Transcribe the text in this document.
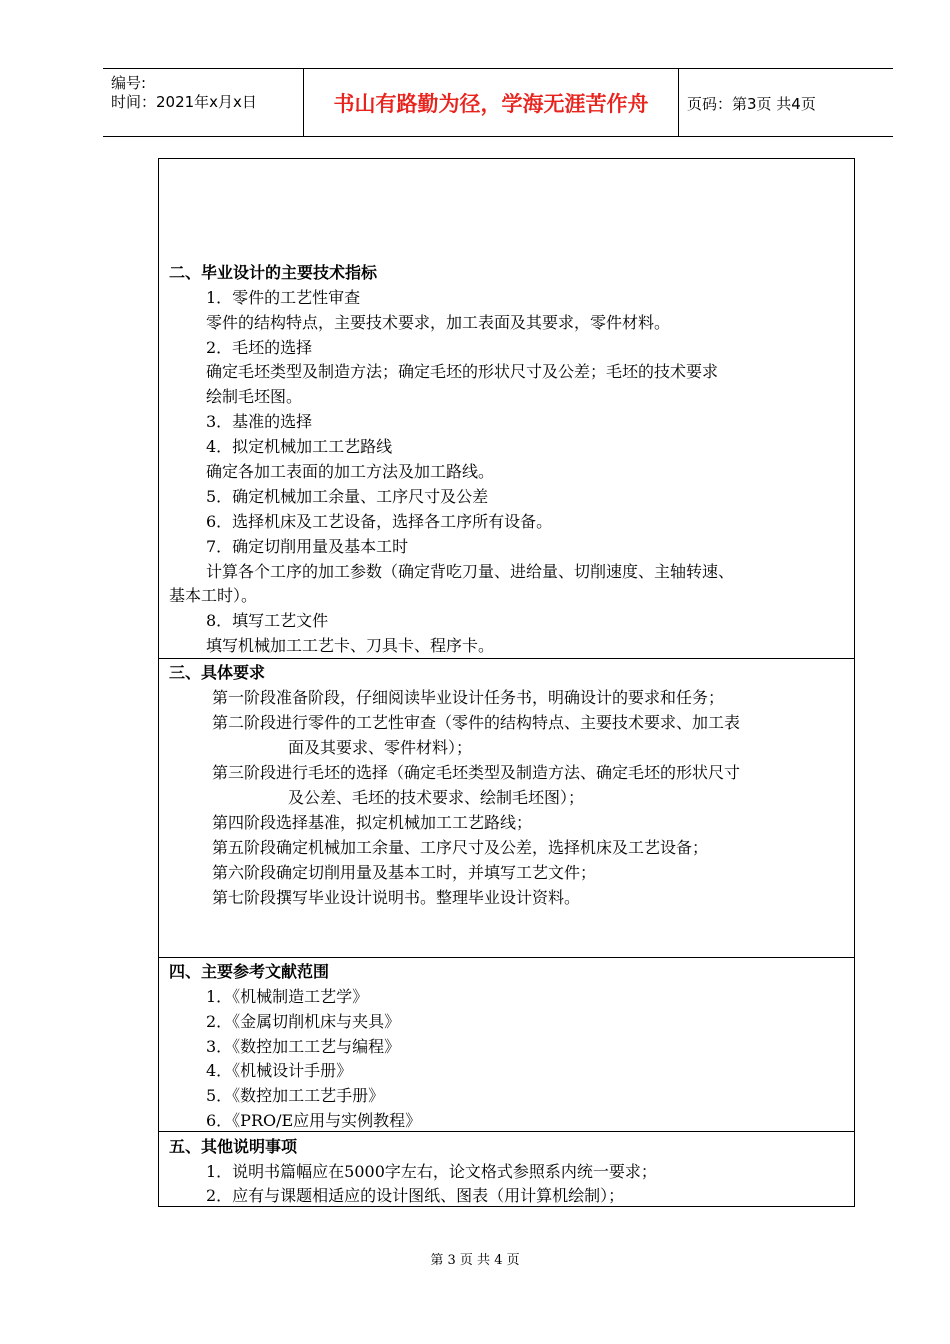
编号:
时间：2021年x月x日	书山有路勤为径，学海无涯苦作舟	页码：第3页 共4页
二、毕业设计的主要技术指标
1．零件的工艺性审查
零件的结构特点，主要技术要求，加工表面及其要求，零件材料。
2．毛坯的选择
确定毛坯类型及制造方法；确定毛坯的形状尺寸及公差；毛坯的技术要求
绘制毛坯图。
3．基准的选择
4．拟定机械加工工艺路线
确定各加工表面的加工方法及加工路线。
5．确定机械加工余量、工序尺寸及公差
6．选择机床及工艺设备，选择各工序所有设备。
7．确定切削用量及基本工时
计算各个工序的加工参数（确定背吃刀量、进给量、切削速度、主轴转速、
基本工时）。
8．填写工艺文件
填写机械加工工艺卡、刀具卡、程序卡。
三、具体要求
第一阶段准备阶段，仔细阅读毕业设计任务书，明确设计的要求和任务；
第二阶段进行零件的工艺性审查（零件的结构特点、主要技术要求、加工表
面及其要求、零件材料）；
第三阶段进行毛坯的选择（确定毛坯类型及制造方法、确定毛坯的形状尺寸
及公差、毛坯的技术要求、绘制毛坯图）；
第四阶段选择基准，拟定机械加工工艺路线；
第五阶段确定机械加工余量、工序尺寸及公差，选择机床及工艺设备；
第六阶段确定切削用量及基本工时，并填写工艺文件；
第七阶段撰写毕业设计说明书。整理毕业设计资料。
四、主要参考文献范围
1．《机械制造工艺学》
2．《金属切削机床与夹具》
3．《数控加工工艺与编程》
4．《机械设计手册》
5．《数控加工工艺手册》
6．《PRO/E应用与实例教程》
五、其他说明事项
1．说明书篇幅应在5000字左右，论文格式参照系内统一要求；
2．应有与课题相适应的设计图纸、图表（用计算机绘制）；
第 3 页 共 4 页
